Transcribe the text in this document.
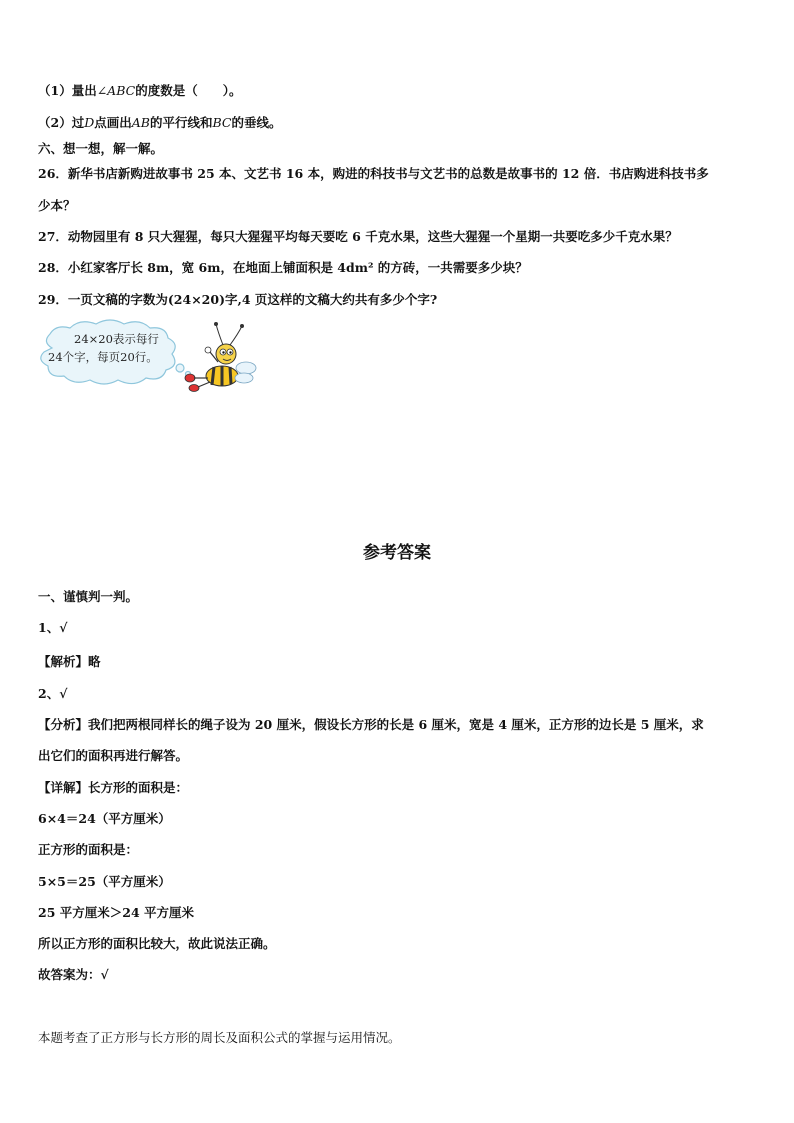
（1）量出∠ABC的度数是（　　）。
（2）过D点画出AB的平行线和BC的垂线。
六、想一想，解一解。
26．新华书店新购进故事书 25 本、文艺书 16 本，购进的科技书与文艺书的总数是故事书的 12 倍．书店购进科技书多
少本？
27．动物园里有 8 只大猩猩，每只大猩猩平均每天要吃 6 千克水果，这些大猩猩一个星期一共要吃多少千克水果？
28．小红家客厅长 8m，宽 6m，在地面上铺面积是 4dm² 的方砖，一共需要多少块？
29．一页文稿的字数为(24×20)字,4 页这样的文稿大约共有多少个字?
24×20表示每行
24个字，每页20行。
参考答案
一、谨慎判一判。
1、√
【解析】略
2、√
【分析】我们把两根同样长的绳子设为 20 厘米，假设长方形的长是 6 厘米，宽是 4 厘米，正方形的边长是 5 厘米，求
出它们的面积再进行解答。
【详解】长方形的面积是：
6×4＝24（平方厘米）
正方形的面积是：
5×5＝25（平方厘米）
25 平方厘米＞24 平方厘米
所以正方形的面积比较大，故此说法正确。
故答案为：√
本题考查了正方形与长方形的周长及面积公式的掌握与运用情况。
